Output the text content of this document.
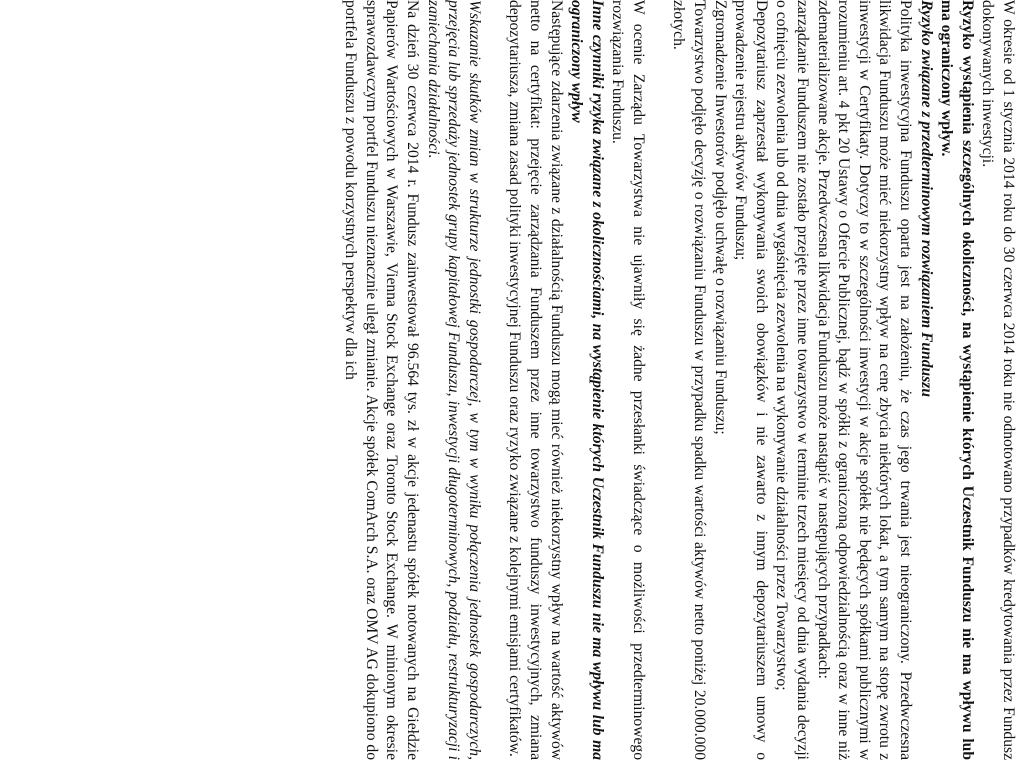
W okresie od 1 stycznia 2014 roku do 30 czerwca 2014 roku nie odnotowano przypadków kredytowania przez Fundusz dokonywanych inwestycji.

Ryzyko wystąpienia szczególnych okoliczności, na wystąpienie których Uczestnik Funduszu nie ma wpływu lub ma ograniczony wpływ.

Ryzyko związane z przedterminowym rozwiązaniem Funduszu

Polityka inwestycyjna Funduszu oparta jest na założeniu, że czas jego trwania jest nieograniczony. Przedwczesna likwidacja Funduszu może mieć niekorzystny wpływ na cenę zbycia niektórych lokat, a tym samym na stopę zwrotu z inwestycji w Certyfikaty. Dotyczy to w szczególności inwestycji w akcje spółek nie będących spółkami publicznymi w rozumieniu art. 4 pkt 20 Ustawy o Ofercie Publicznej, bądź w spółki z ograniczoną odpowiedzialnością oraz w inne niż zdematerializowane akcje. Przedwczesna likwidacja Funduszu może nastąpić w następujących przypadkach:

zarządzanie Funduszem nie zostało przejęte przez inne towarzystwo w terminie trzech miesięcy od dnia wydania decyzji o cofnięciu zezwolenia lub od dnia wygaśnięcia zezwolenia na wykonywanie działalności przez Towarzystwo;

Depozytariusz zaprzestał wykonywania swoich obowiązków i nie zawarto z innym depozytariuszem umowy o prowadzenie rejestru aktywów Funduszu;

Zgromadzenie Inwestorów podjęło uchwałę o rozwiązaniu Funduszu;

Towarzystwo podjęło decyzję o rozwiązaniu Funduszu w przypadku spadku wartości aktywów netto poniżej 20.000.000 złotych.

W ocenie Zarządu Towarzystwa nie ujawniły się żadne przesłanki świadczące o możliwości przedterminowego rozwiązania Funduszu.

Inne czynniki ryzyka związane z okolicznościami, na wystąpienie których Uczestnik Funduszu nie ma wpływu lub ma ograniczony wpływ

Następujące zdarzenia związane z działalnością Funduszu mogą mieć również niekorzystny wpływ na wartość aktywów netto na certyfikat: przejęcie zarządzania Funduszem przez inne towarzystwo funduszy inwestycyjnych, zmiana depozytariusza, zmiana zasad polityki inwestycyjnej Funduszu oraz ryzyko związane z kolejnymi emisjami certyfikatów.

Wskazanie skutków zmian w strukturze jednostki gospodarczej, w tym w wyniku połączenia jednostek gospodarczych, przejęcia lub sprzedaży jednostek grupy kapitałowej Funduszu, inwestycji długoterminowych, podziału, restrukturyzacji i zaniechania działalności.

Na dzień 30 czerwca 2014 r. Fundusz zainwestował 96.564 tys. zł w akcje jedenastu spółek notowanych na Giełdzie Papierów Wartościowych w Warszawie, Vienna Stock Exchange oraz Toronto Stock Exchange. W minionym okresie sprawozdawczym portfel Funduszu nieznacznie uległ zmianie. Akcje spółek ComArch S.A. oraz OMV AG dokupiono do portfela Funduszu z powodu korzystnych perspektyw dla ich
